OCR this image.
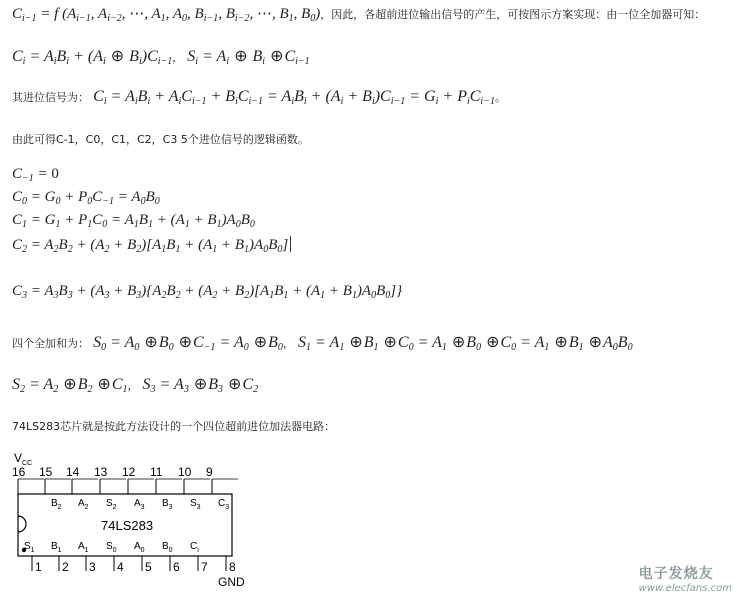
$C_{i-1} = f$ ($A_{i-1}$, $A_{i-2}$, ⋯, $A_1$, $A_0$, $B_{i-1}$, $B_{i-2}$, ⋯, $B_1$, $B_0$)，因此，各超前进位输出信号的产生，可按图示方案实现：由一位全加器可知：
$C_i = A_iB_i + (A_i$ ⊕ $B_i)C_{i-1}$， $S_i = A_i$ ⊕ $B_i$ $\oplus C_{i-1}$
其进位信号为： $C_i = A_iB_i + A_iC_{i-1} + B_iC_{i-1} = A_iB_i + (A_i + B_i)C_{i-1} = G_i + P_iC_{i-1}$。
由此可得C-1，C0，C1，C2，C3 5个进位信号的逻辑函数。
$C_{-1} = 0$
$C_0 = G_0 + P_0C_{-1} = A_0B_0$
$C_1 = G_1 + P_1C_0 = A_1B_1 + (A_1 + B_1)A_0B_0$
$C_2 = A_2B_2 + (A_2 + B_2)[A_1B_1 + (A_1 + B_1)A_0B_0]$
$C_3 = A_3B_3 + (A_3 + B_3)\{A_2B_2 + (A_2 + B_2)[A_1B_1 + (A_1 + B_1)A_0B_0]\}$
四个全加和为： $S_0 = A_0$ $\oplus B_0$ $\oplus C_{-1} = A_0$ $\oplus B_0$， $S_1 = A_1$ $\oplus B_1$ $\oplus C_0 = A_1$ $\oplus B_0$ $\oplus C_0 = A_1$ $\oplus B_1$ $\oplus A_0B_0$
$S_2 = A_2$ $\oplus B_2$ $\oplus C_1$， $S_3 = A_3$ $\oplus B_3$ $\oplus C_2$
74LS283芯片就是按此方法设计的一个四位超前进位加法器电路：
$V_{CC}$
74LS283
16 15
$B_2$
14
$A_2$
13
$S_2$
12
$A_3$
11
$B_3$
10
$S_3$
9
$C_3$
1
$S_1$
2
$B_1$
3
$A_1$
4
$S_0$
5
$A_0$
6
$B_0$
7
$C_i$
8
GND	电子发烧友
www.elecfans.com
